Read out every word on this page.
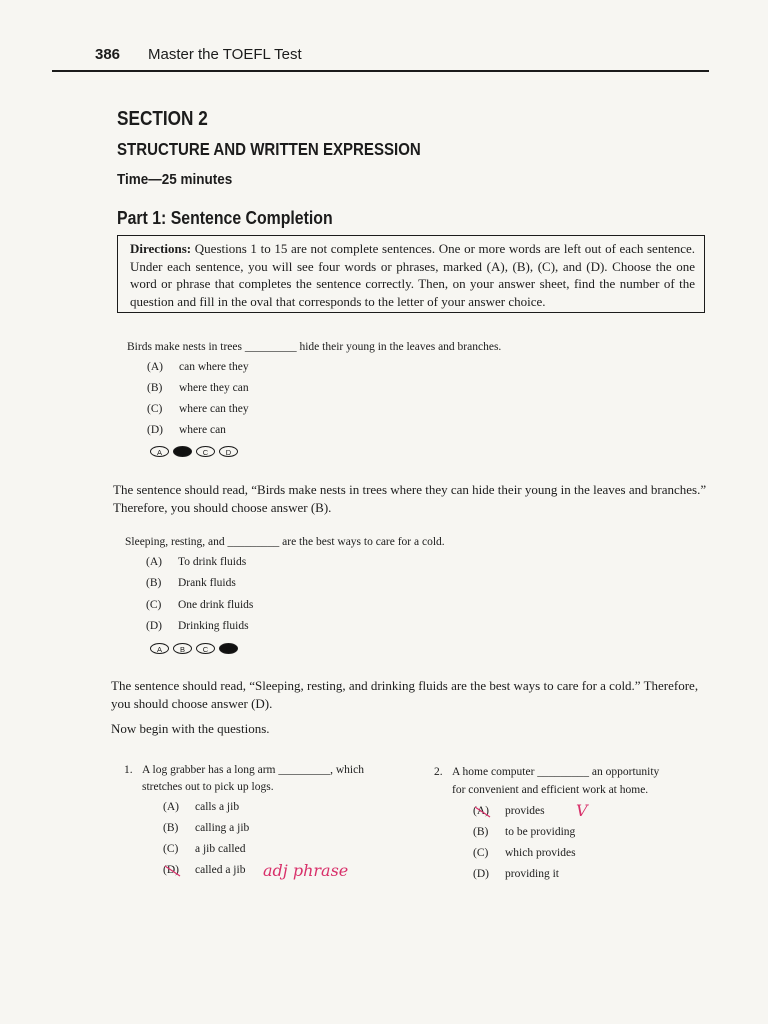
386 Master the TOEFL Test
SECTION 2
STRUCTURE AND WRITTEN EXPRESSION
Time—25 minutes
Part 1: Sentence Completion
Directions: Questions 1 to 15 are not complete sentences. One or more words are left out of each sentence. Under each sentence, you will see four words or phrases, marked (A), (B), (C), and (D). Choose the one word or phrase that completes the sentence correctly. Then, on your answer sheet, find the number of the question and fill in the oval that corresponds to the letter of your answer choice.
Birds make nests in trees _________ hide their young in the leaves and branches.
(A) can where they
(B) where they can
(C) where can they
(D) where can
A	B	C	D
The sentence should read, “Birds make nests in trees where they can hide their young in the leaves and branches.” Therefore, you should choose answer (B).
Sleeping, resting, and _________ are the best ways to care for a cold.
(A) To drink fluids
(B) Drank fluids
(C) One drink fluids
(D) Drinking fluids
A	B	C	D
The sentence should read, “Sleeping, resting, and drinking fluids are the best ways to care for a cold.” Therefore, you should choose answer (D).
Now begin with the questions.
1. A log grabber has a long arm _________, which
stretches out to pick up logs.
(A) calls a jib
(B) calling a jib
(C) a jib called
(D) called a jib adj phrase
2. A home computer _________ an opportunity
for convenient and efficient work at home.
(A) provides
(B) to be providing
(C) which provides
(D) providing it
V
